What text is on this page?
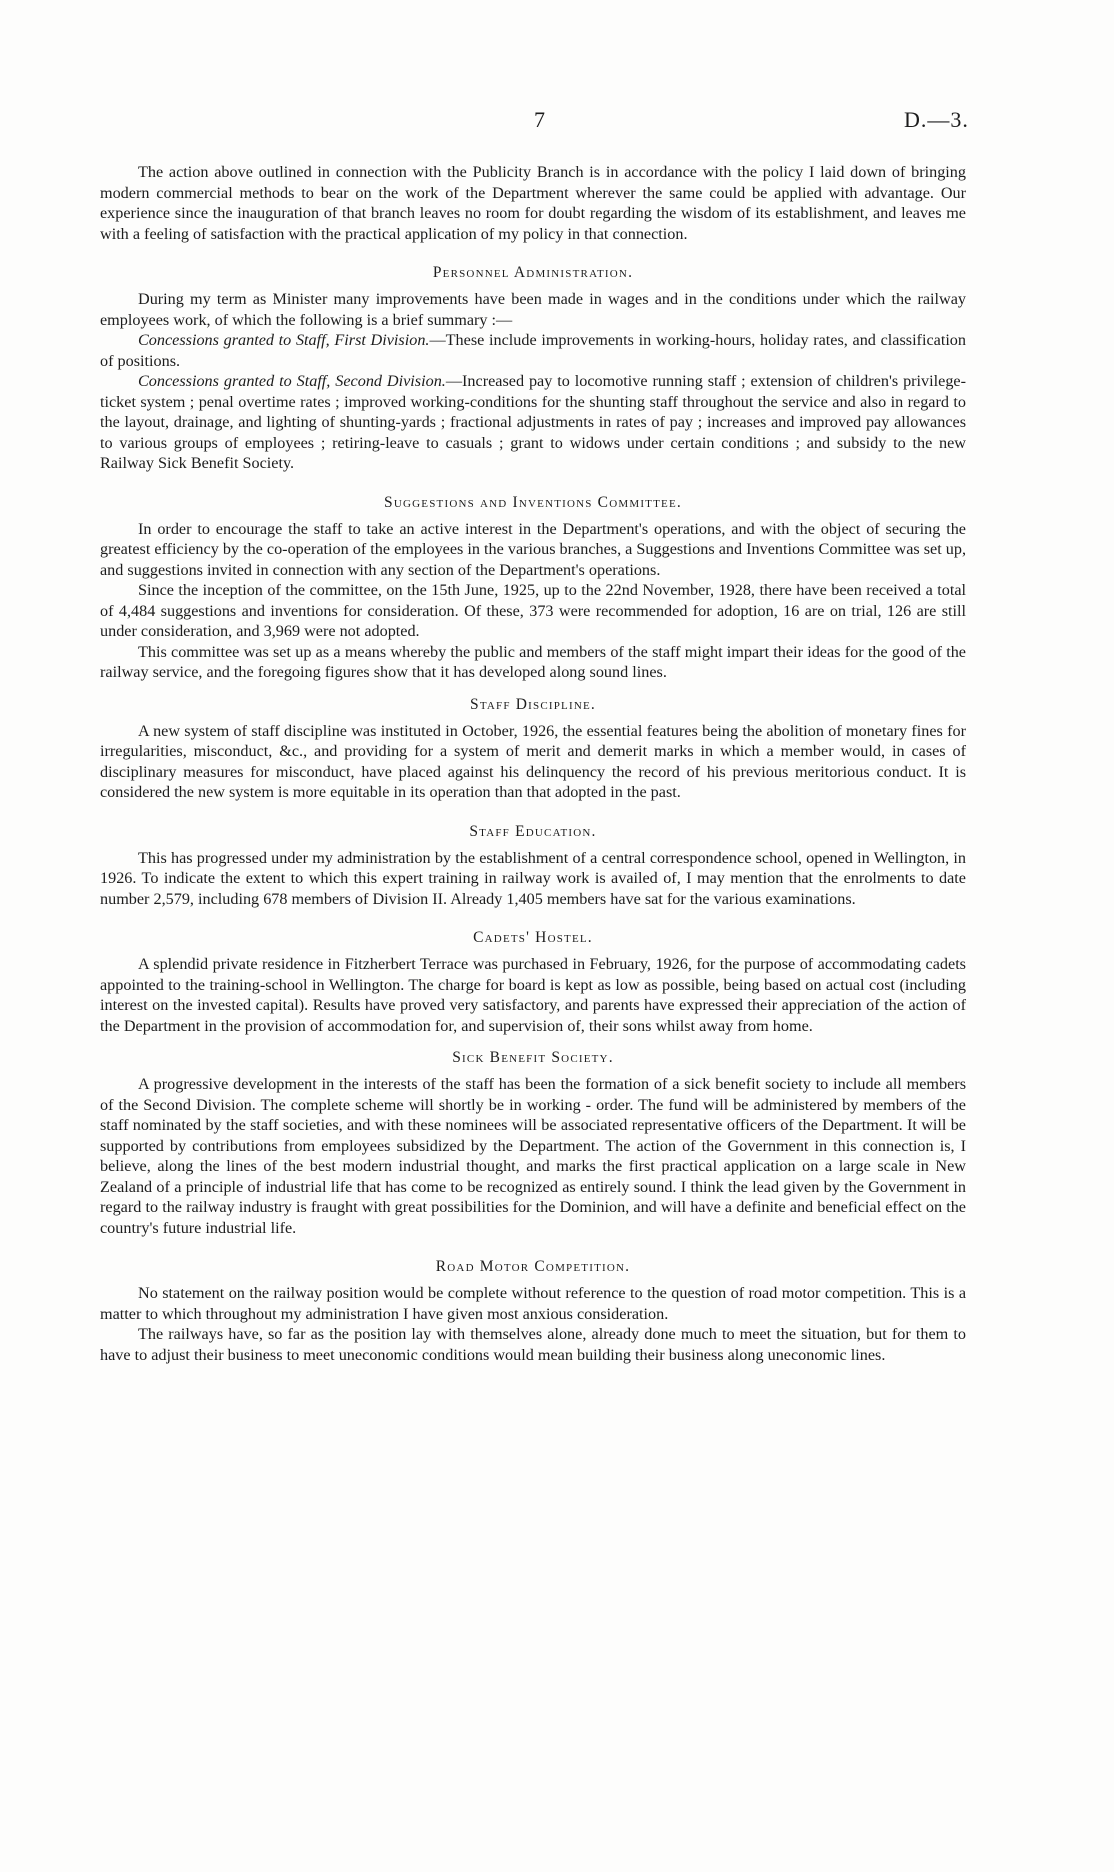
7	D.—3.

The action above outlined in connection with the Publicity Branch is in accordance with the policy I laid down of bringing modern commercial methods to bear on the work of the Department wherever the same could be applied with advantage. Our experience since the inauguration of that branch leaves no room for doubt regarding the wisdom of its establishment, and leaves me with a feeling of satisfaction with the practical application of my policy in that connection.

Personnel Administration.

During my term as Minister many improvements have been made in wages and in the conditions under which the railway employees work, of which the following is a brief summary :—

Concessions granted to Staff, First Division.—These include improvements in working-hours, holiday rates, and classification of positions.

Concessions granted to Staff, Second Division.—Increased pay to locomotive running staff ; extension of children's privilege-ticket system ; penal overtime rates ; improved working-conditions for the shunting staff throughout the service and also in regard to the layout, drainage, and lighting of shunting-yards ; fractional adjustments in rates of pay ; increases and improved pay allowances to various groups of employees ; retiring-leave to casuals ; grant to widows under certain conditions ; and subsidy to the new Railway Sick Benefit Society.

Suggestions and Inventions Committee.

In order to encourage the staff to take an active interest in the Department's operations, and with the object of securing the greatest efficiency by the co-operation of the employees in the various branches, a Suggestions and Inventions Committee was set up, and suggestions invited in connection with any section of the Department's operations.

Since the inception of the committee, on the 15th June, 1925, up to the 22nd November, 1928, there have been received a total of 4,484 suggestions and inventions for consideration. Of these, 373 were recommended for adoption, 16 are on trial, 126 are still under consideration, and 3,969 were not adopted.

This committee was set up as a means whereby the public and members of the staff might impart their ideas for the good of the railway service, and the foregoing figures show that it has developed along sound lines.

Staff Discipline.

A new system of staff discipline was instituted in October, 1926, the essential features being the abolition of monetary fines for irregularities, misconduct, &c., and providing for a system of merit and demerit marks in which a member would, in cases of disciplinary measures for misconduct, have placed against his delinquency the record of his previous meritorious conduct. It is considered the new system is more equitable in its operation than that adopted in the past.

Staff Education.

This has progressed under my administration by the establishment of a central correspondence school, opened in Wellington, in 1926. To indicate the extent to which this expert training in railway work is availed of, I may mention that the enrolments to date number 2,579, including 678 members of Division II. Already 1,405 members have sat for the various examinations.

Cadets' Hostel.

A splendid private residence in Fitzherbert Terrace was purchased in February, 1926, for the purpose of accommodating cadets appointed to the training-school in Wellington. The charge for board is kept as low as possible, being based on actual cost (including interest on the invested capital). Results have proved very satisfactory, and parents have expressed their appreciation of the action of the Department in the provision of accommodation for, and supervision of, their sons whilst away from home.

Sick Benefit Society.

A progressive development in the interests of the staff has been the formation of a sick benefit society to include all members of the Second Division. The complete scheme will shortly be in working - order. The fund will be administered by members of the staff nominated by the staff societies, and with these nominees will be associated representative officers of the Department. It will be supported by contributions from employees subsidized by the Department. The action of the Government in this connection is, I believe, along the lines of the best modern industrial thought, and marks the first practical application on a large scale in New Zealand of a principle of industrial life that has come to be recognized as entirely sound. I think the lead given by the Government in regard to the railway industry is fraught with great possibilities for the Dominion, and will have a definite and beneficial effect on the country's future industrial life.

Road Motor Competition.

No statement on the railway position would be complete without reference to the question of road motor competition. This is a matter to which throughout my administration I have given most anxious consideration.

The railways have, so far as the position lay with themselves alone, already done much to meet the situation, but for them to have to adjust their business to meet uneconomic conditions would mean building their business along uneconomic lines.
